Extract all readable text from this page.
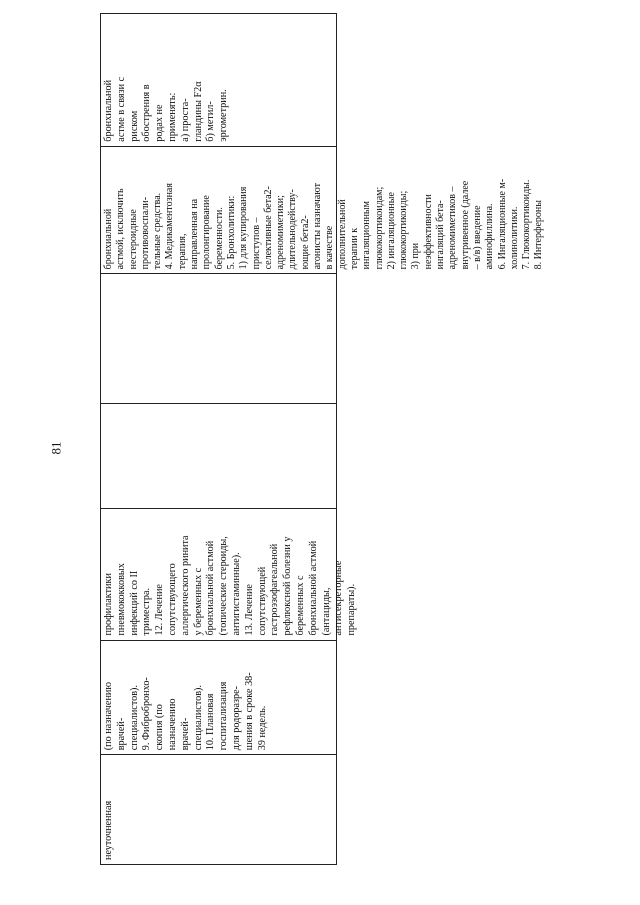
81
неуточненная
(по назначению врачей- специалистов). 9. Фибробронхо- скопия (по назначению врачей- специалистов). 10. Плановая госпитализация для родоразре- шения в сроке 38- 39 недель.
профилактики пневмококковых инфекций со II триместра. 12. Лечение сопутствующего аллергического ринита у беременных с бронхиальной астмой (топические стероиды, антигистаминные). 13. Лечение сопутствующей гастроэзофагеальной рефлюксной болезни у беременных с бронхиальной астмой (антациды, антисекреторные препараты).
бронхиальной астмой, исключить нестероидные противовоспали- тельные средства. 4. Медикаментозная терапия, направленная на пролонгирование беременности. 5. Бронхолитики: 1) для купирования приступов – селективные бета2- адреномиметики; длительнодейству- ющие бета2- агонисты назначают в качестве дополнительной терапии к ингаляционным глюкокортикоидам; 2) ингаляционные глюкокортикоиды; 3) при неэффективности ингаляций бета- адреномиметиков – внутривенное (далее – в/в) введение аминофиллина. 6. Ингаляционные м- холинолитики. 7. Глюкокортикоиды. 8. Интерфероны
бронхиальной астме в связи с риском обострения в родах не применять: а) проста- гландины F2α б) метил- эргометрин.
